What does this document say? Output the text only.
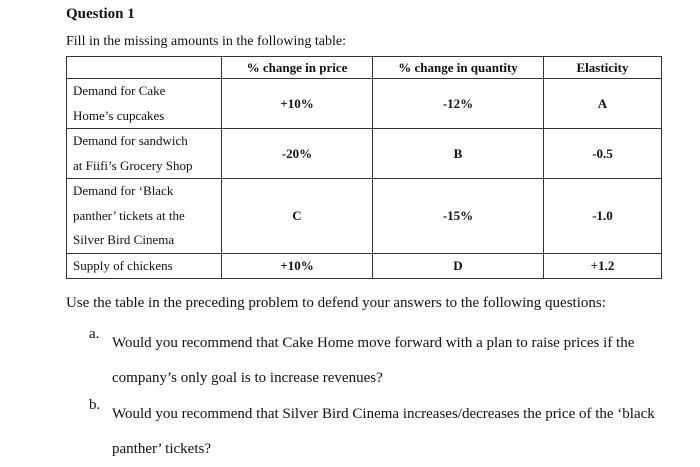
Question 1
Fill in the missing amounts in the following table:
	% change in price	% change in quantity	Elasticity

Demand for Cake
Home’s cupcakes	+10%	-12%	A

Demand for sandwich
at Fiifi’s Grocery Shop	-20%	B	-0.5

Demand for ‘Black
panther’ tickets at the
Silver Bird Cinema	C	-15%	-1.0

Supply of chickens	+10%	D	+1.2
Use the table in the preceding problem to defend your answers to the following questions:
a.
Would you recommend that Cake Home move forward with a plan to raise prices if the
company’s only goal is to increase revenues?
b.
Would you recommend that Silver Bird Cinema increases/decreases the price of the ‘black
panther’ tickets?
